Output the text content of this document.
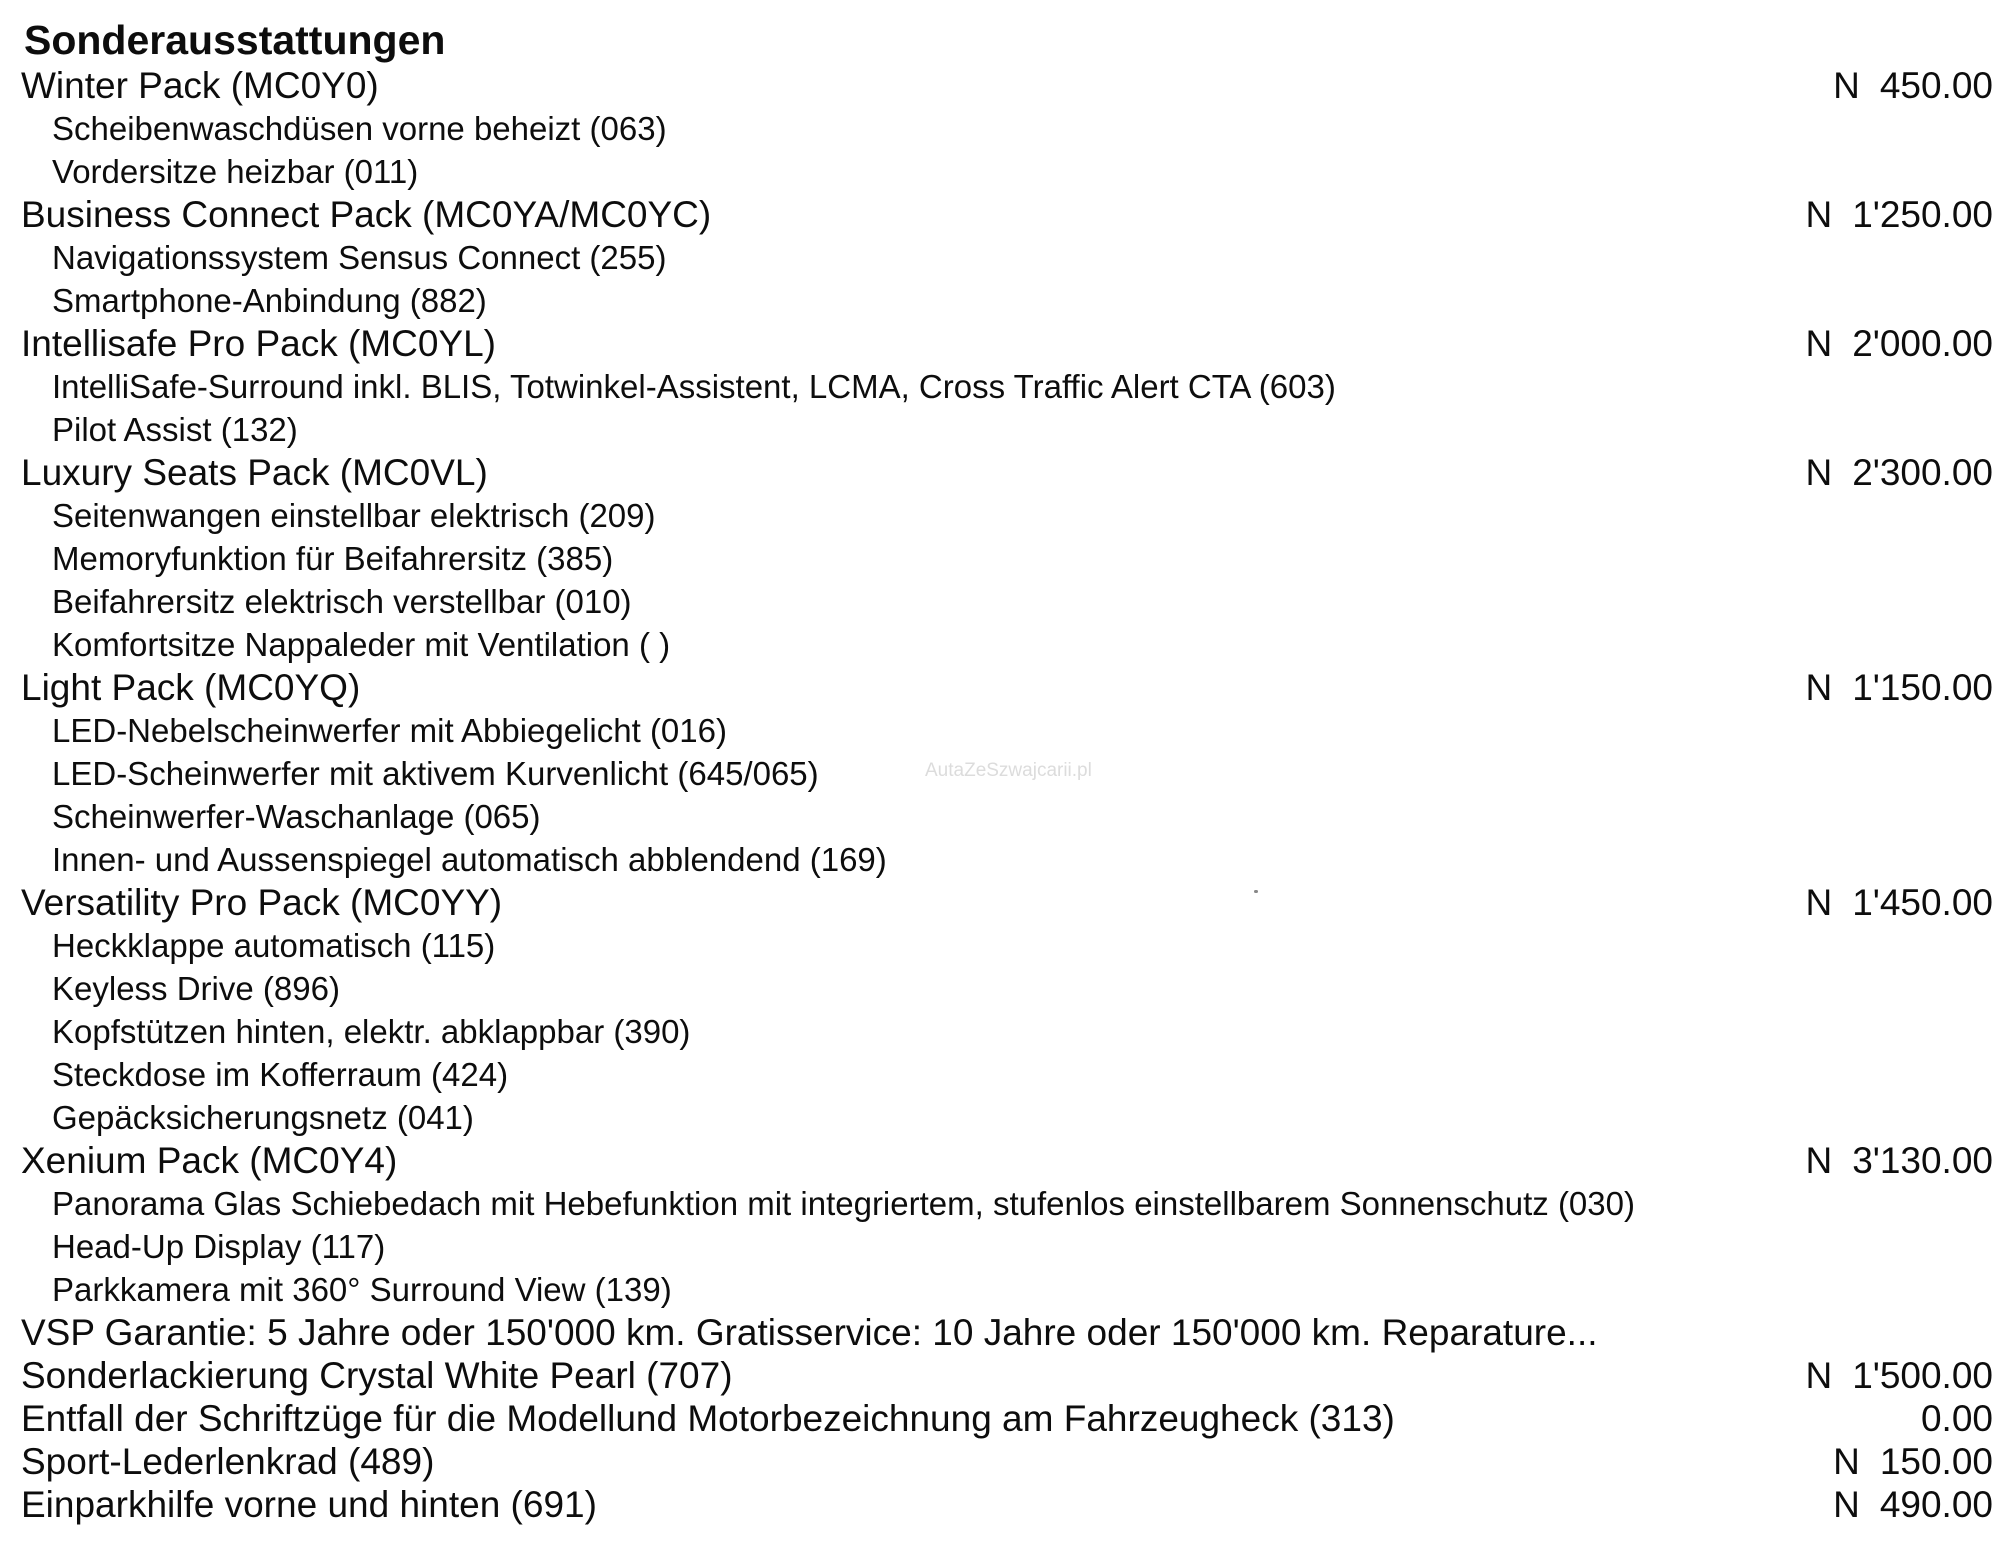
Sonderausstattungen
Winter Pack (MC0Y0)	N 450.00
Scheibenwaschdüsen vorne beheizt (063)
Vordersitze heizbar (011)
Business Connect Pack (MC0YA/MC0YC)	N 1'250.00
Navigationssystem Sensus Connect (255)
Smartphone-Anbindung (882)
Intellisafe Pro Pack (MC0YL)	N 2'000.00
IntelliSafe-Surround inkl. BLIS, Totwinkel-Assistent, LCMA, Cross Traffic Alert CTA (603)
Pilot Assist (132)
Luxury Seats Pack (MC0VL)	N 2'300.00
Seitenwangen einstellbar elektrisch (209)
Memoryfunktion für Beifahrersitz (385)
Beifahrersitz elektrisch verstellbar (010)
Komfortsitze Nappaleder mit Ventilation ( )
Light Pack (MC0YQ)	N 1'150.00
LED-Nebelscheinwerfer mit Abbiegelicht (016)
LED-Scheinwerfer mit aktivem Kurvenlicht (645/065)
Scheinwerfer-Waschanlage (065)
Innen- und Aussenspiegel automatisch abblendend (169)
Versatility Pro Pack (MC0YY)	N 1'450.00
Heckklappe automatisch (115)
Keyless Drive (896)
Kopfstützen hinten, elektr. abklappbar (390)
Steckdose im Kofferraum (424)
Gepäcksicherungsnetz (041)
Xenium Pack (MC0Y4)	N 3'130.00
Panorama Glas Schiebedach mit Hebefunktion mit integriertem, stufenlos einstellbarem Sonnenschutz (030)
Head-Up Display (117)
Parkkamera mit 360° Surround View (139)
VSP Garantie: 5 Jahre oder 150'000 km. Gratisservice: 10 Jahre oder 150'000 km. Reparature...
Sonderlackierung Crystal White Pearl (707)	N 1'500.00
Entfall der Schriftzüge für die Modellund Motorbezeichnung am Fahrzeugheck (313)	0.00
Sport-Lederlenkrad (489)	N 150.00
Einparkhilfe vorne und hinten (691)	N 490.00
AutaZeSzwajcarii.pl
